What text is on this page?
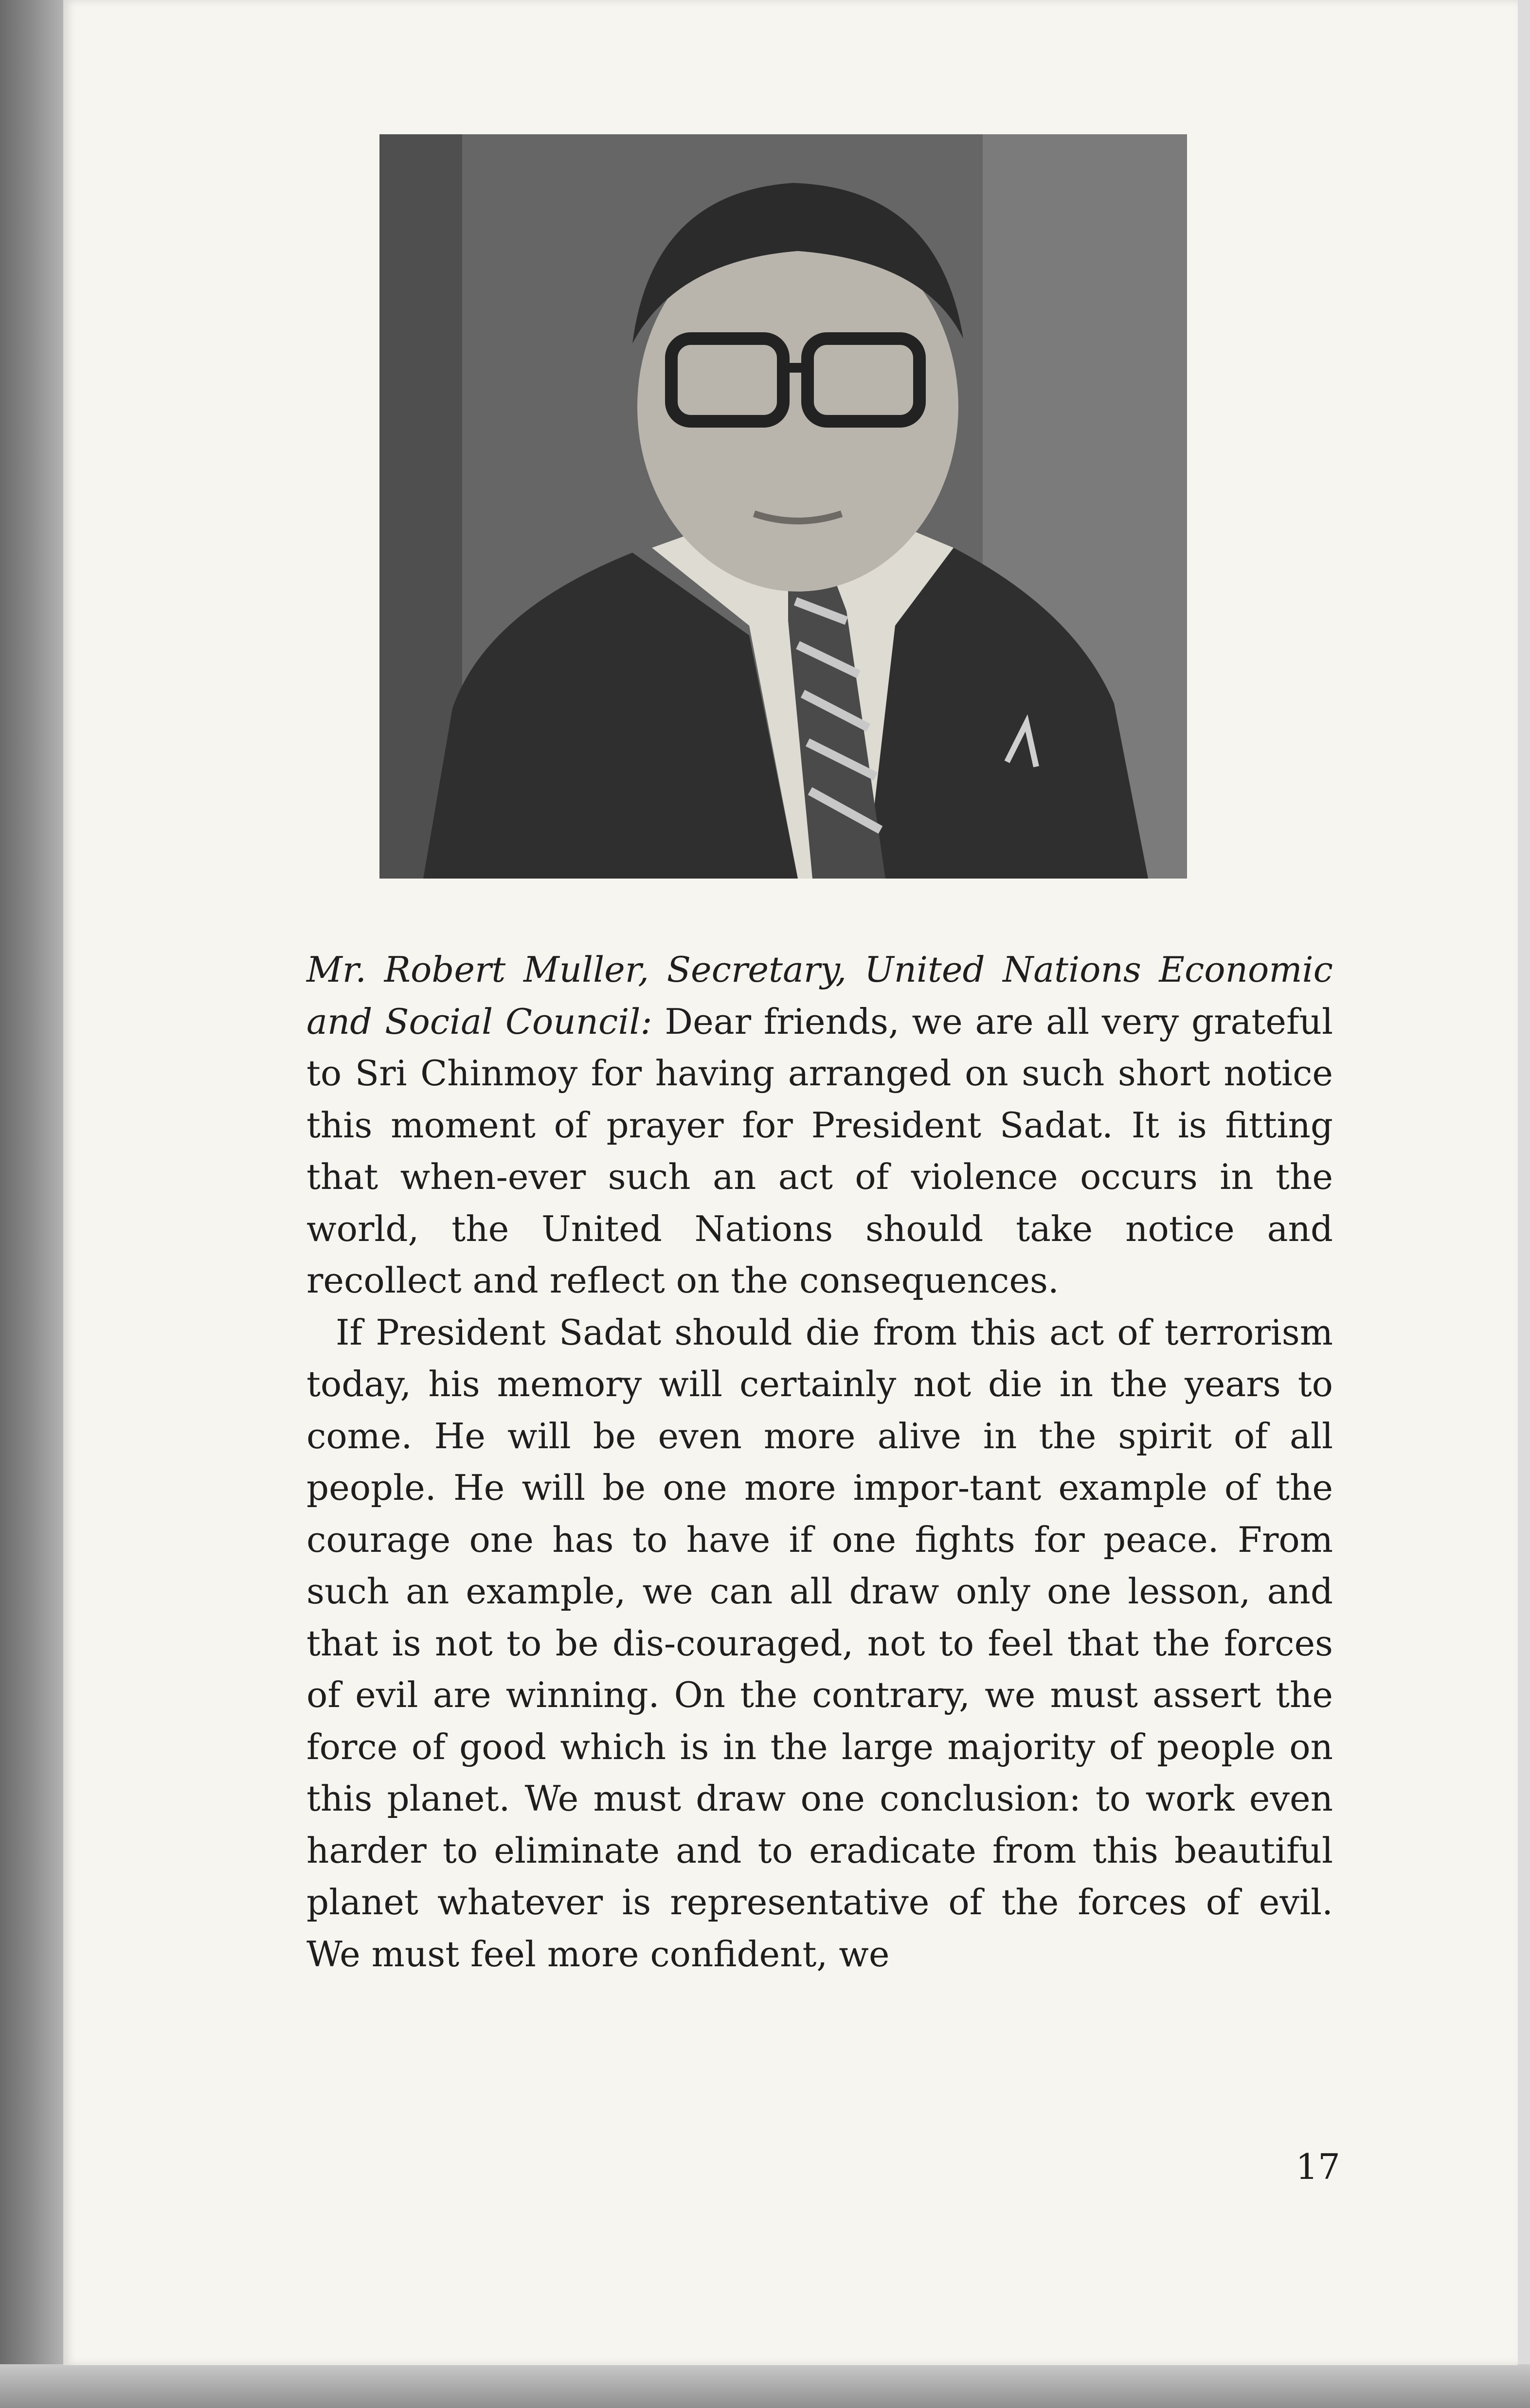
Mr. Robert Muller, Secretary, United Nations Economic and Social Council: Dear friends, we are all very grateful to Sri Chinmoy for having arranged on such short notice this moment of prayer for President Sadat. It is fitting that when-ever such an act of violence occurs in the world, the United Nations should take notice and recollect and reflect on the consequences.

If President Sadat should die from this act of terrorism today, his memory will certainly not die in the years to come. He will be even more alive in the spirit of all people. He will be one more impor-tant example of the courage one has to have if one fights for peace. From such an example, we can all draw only one lesson, and that is not to be dis-couraged, not to feel that the forces of evil are winning. On the contrary, we must assert the force of good which is in the large majority of people on this planet. We must draw one conclusion: to work even harder to eliminate and to eradicate from this beautiful planet whatever is representative of the forces of evil. We must feel more confident, we

17
